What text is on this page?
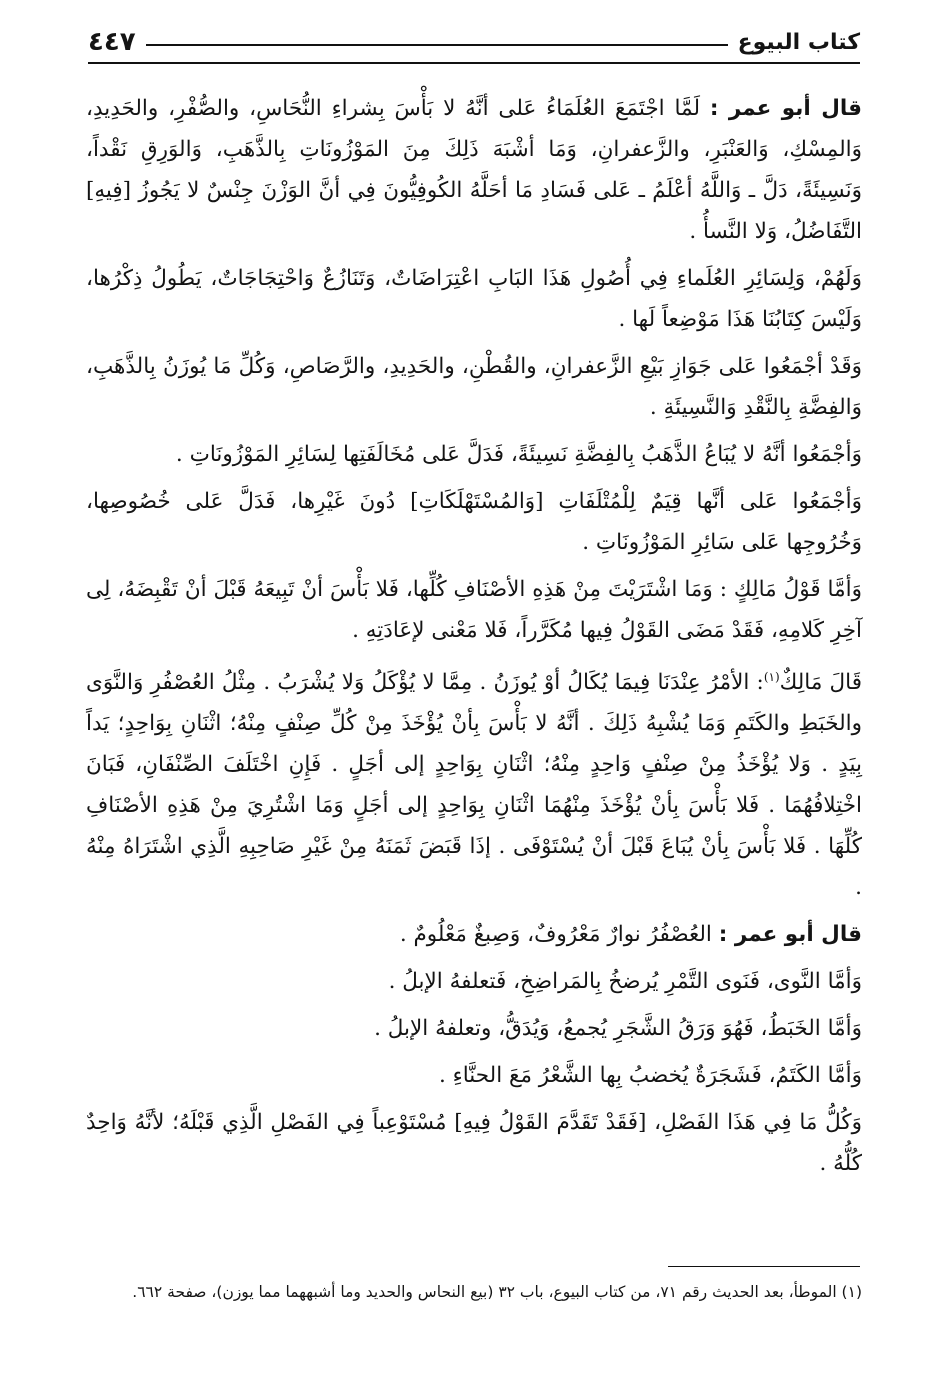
كتاب البيوع
٤٤٧

قال أبو عمر : لَمَّا اجْتَمَعَ العُلَمَاءُ عَلى أنَّهُ لا بَأْسَ بِشراءِ النُّحَاسِ، والصُّفْرِ، والحَدِيدِ، وَالمِسْكِ، وَالعَنْبَرِ، والزَّعفرانِ، وَمَا أشْبَهَ ذَلِكَ مِنَ المَوْزُونَاتِ بِالذَّهَبِ، وَالوَرِقِ نَقْداً، وَنَسِيئَةً، دَلَّ ـ وَاللَّهُ أعْلَمُ ـ عَلى فَسَادِ مَا أحَلَّهُ الكُوفِيُّونَ فِي أنَّ الوَزْنَ جِنْسٌ لا يَجُوزُ [فِيهِ] التَّفَاضُلُ، وَلا النَّسأُ .

وَلَهُمْ، وَلِسَائِرِ العُلَماءِ فِي أُصُولِ هَذَا البَابِ اعْتِرَاضَاتٌ، وَتَنَازُعٌ وَاحْتِجَاجَاتٌ، يَطُولُ ذِكْرُها، وَلَيْسَ كِتَابُنَا هَذَا مَوْضِعاً لَها .

وَقَدْ أجْمَعُوا عَلى جَوَازِ بَيْعِ الزَّعفرانِ، والقُطْنِ، والحَدِيدِ، والرَّصَاصِ، وَكُلِّ مَا يُوزَنُ بِالذَّهَبِ، وَالفِضَّةِ بِالنَّقْدِ وَالنَّسِيئَةِ .

وَأجْمَعُوا أنَّهُ لا يُبَاعُ الذَّهَبُ بِالفِضَّةِ نَسِيئَةً، فَدَلَّ عَلى مُخَالَفَتِها لِسَائِرِ المَوْزُونَاتِ .

وَأجْمَعُوا عَلى أنَّها قِيَمٌ لِلْمُتْلَفَاتِ [وَالمُسْتَهْلَكَاتِ] دُونَ غَيْرِها، فَدَلَّ عَلى خُصُوصِها، وَخُرُوجِها عَلى سَائِرِ المَوْزُونَاتِ .

وَأمَّا قَوْلُ مَالِكٍ : وَمَا اشْتَرَيْتَ مِنْ هَذِهِ الأصْنَافِ كُلِّها، فَلا بَأْسَ أنْ تَبِيعَهُ قَبْلَ أنْ تَقْبِضَهُ، لِى آخِرِ كَلامِهِ، فَقَدْ مَضَى القَوْلُ فِيها مُكَرَّراً، فَلا مَعْنى لإعَادَتِهِ .

قَالَ مَالِكٌ$^{(١)}$: الأمْرُ عِنْدَنَا فِيمَا يُكَالُ أوْ يُوزَنُ . مِمَّا لا يُؤْكَلُ وَلا يُشْرَبُ . مِثْلُ العُصْفُرِ وَالنَّوَى والخَبَطِ والكَتَمِ وَمَا يُشْبِهُ ذَلِكَ . أنَّهُ لا بَأْسَ بِأنْ يُؤْخَذَ مِنْ كُلِّ صِنْفٍ مِنْهُ؛ اثْنَانِ بِوَاحِدٍ؛ يَداً بِيَدٍ . وَلا يُؤْخَذُ مِنْ صِنْفٍ وَاحِدٍ مِنْهُ؛ اثْنَانِ بِوَاحِدٍ إلى أجَلٍ . فَإِنِ اخْتَلَفَ الصِّنْفَانِ، فَبَانَ اخْتِلافُهُمَا . فَلا بَأْسَ بِأنْ يُؤْخَذَ مِنْهُمَا اثْنَانِ بِوَاحِدٍ إلى أجَلٍ وَمَا اشْتُرِيَ مِنْ هَذِهِ الأصْنَافِ كُلِّهَا . فَلا بَأْسَ بِأنْ يُبَاعَ قَبْلَ أنْ يُسْتَوْفَى . إذَا قَبَضَ ثَمَنَهُ مِنْ غَيْرِ صَاحِبِهِ الَّذِي اشْتَرَاهُ مِنْهُ .

قال أبو عمر : العُصْفُرُ نوارٌ مَعْرُوفٌ، وَصِبغٌ مَعْلُومٌ .

وَأمَّا النَّوى، فَنَوى التَّمْرِ يُرضخُ بِالمَراضِخِ، فَتعلفهُ الإبلُ .

وَأمَّا الخَبَطُ، فَهُوَ وَرَقُ الشَّجَرِ يُجمعُ، وَيُدَقُّ، وتعلفهُ الإبلُ .

وَأمَّا الكَتَمُ، فَشَجَرَةٌ يُخضبُ بِها الشَّعْرُ مَعَ الحنَّاءِ .

وَكُلُّ مَا فِي هَذَا الفَصْلِ، [فَقَدْ تَقَدَّمَ القَوْلُ فِيهِ] مُسْتَوْعِباً فِي الفَصْلِ الَّذِي قَبْلَهُ؛ لأنَّهُ وَاحِدٌ كُلُّهُ .

(١) الموطأ، بعد الحديث رقم ٧١، من كتاب البيوع، باب ٣٢ (بيع النحاس والحديد وما أشبههما مما يوزن)، صفحة ٦٦٢.
